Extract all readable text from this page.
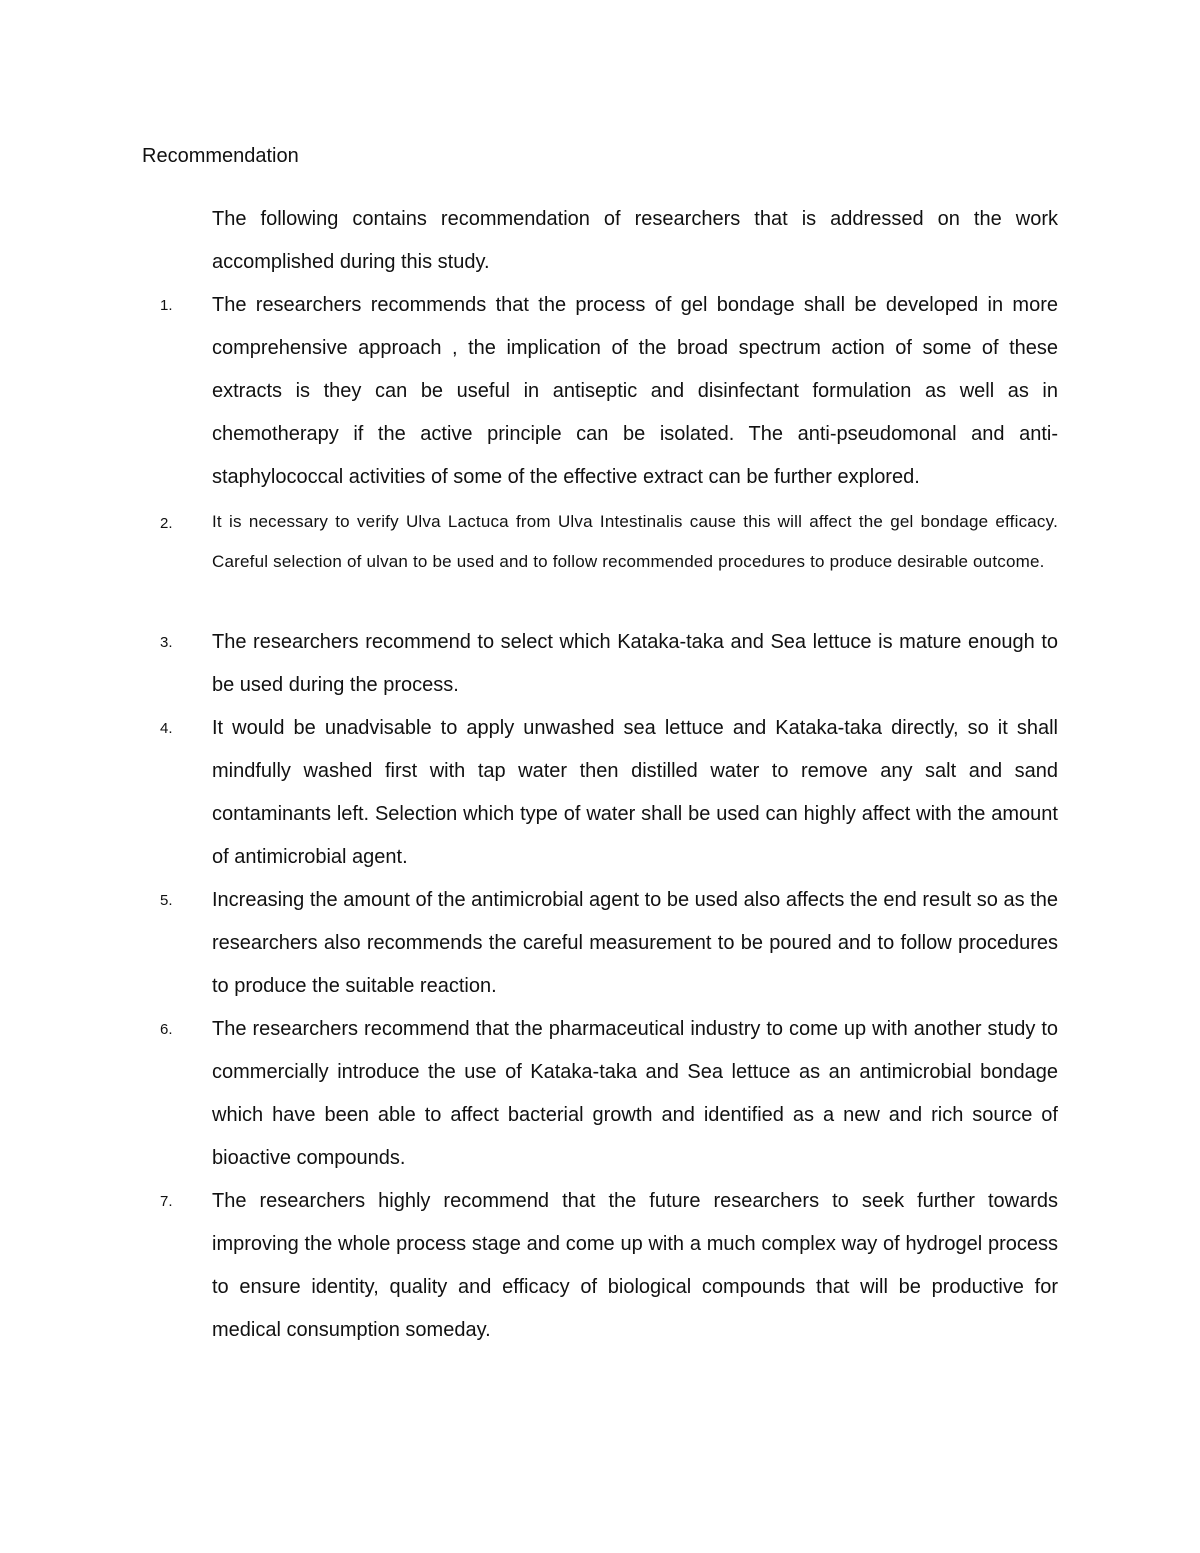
Recommendation
The following contains recommendation of researchers that is addressed on the work accomplished during this study.
1. The researchers recommends that the process of gel bondage shall be developed in more comprehensive approach , the implication of the broad spectrum action of some of these extracts is they can be useful in antiseptic and disinfectant formulation as well as in chemotherapy if the active principle can be isolated. The anti-pseudomonal and anti-staphylococcal activities of some of the effective extract can be further explored.
2. It is necessary to verify Ulva Lactuca from Ulva Intestinalis cause this will affect the gel bondage efficacy. Careful selection of ulvan to be used and to follow recommended procedures to produce desirable outcome.
3. The researchers recommend to select which Kataka-taka and Sea lettuce is mature enough to be used during the process.
4. It would be unadvisable to apply unwashed sea lettuce and Kataka-taka directly, so it shall mindfully washed first with tap water then distilled water to remove any salt and sand contaminants left. Selection which type of water shall be used can highly affect with the amount of antimicrobial agent.
5. Increasing the amount of the antimicrobial agent to be used also affects the end result so as the researchers also recommends the careful measurement to be poured and to follow procedures to produce the suitable reaction.
6. The researchers recommend that the pharmaceutical industry to come up with another study to commercially introduce the use of Kataka-taka and Sea lettuce as an antimicrobial bondage which have been able to affect bacterial growth and identified as a new and rich source of bioactive compounds.
7. The researchers highly recommend that the future researchers to seek further towards improving the whole process stage and come up with a much complex way of hydrogel process to ensure identity, quality and efficacy of biological compounds that will be productive for medical consumption someday.
